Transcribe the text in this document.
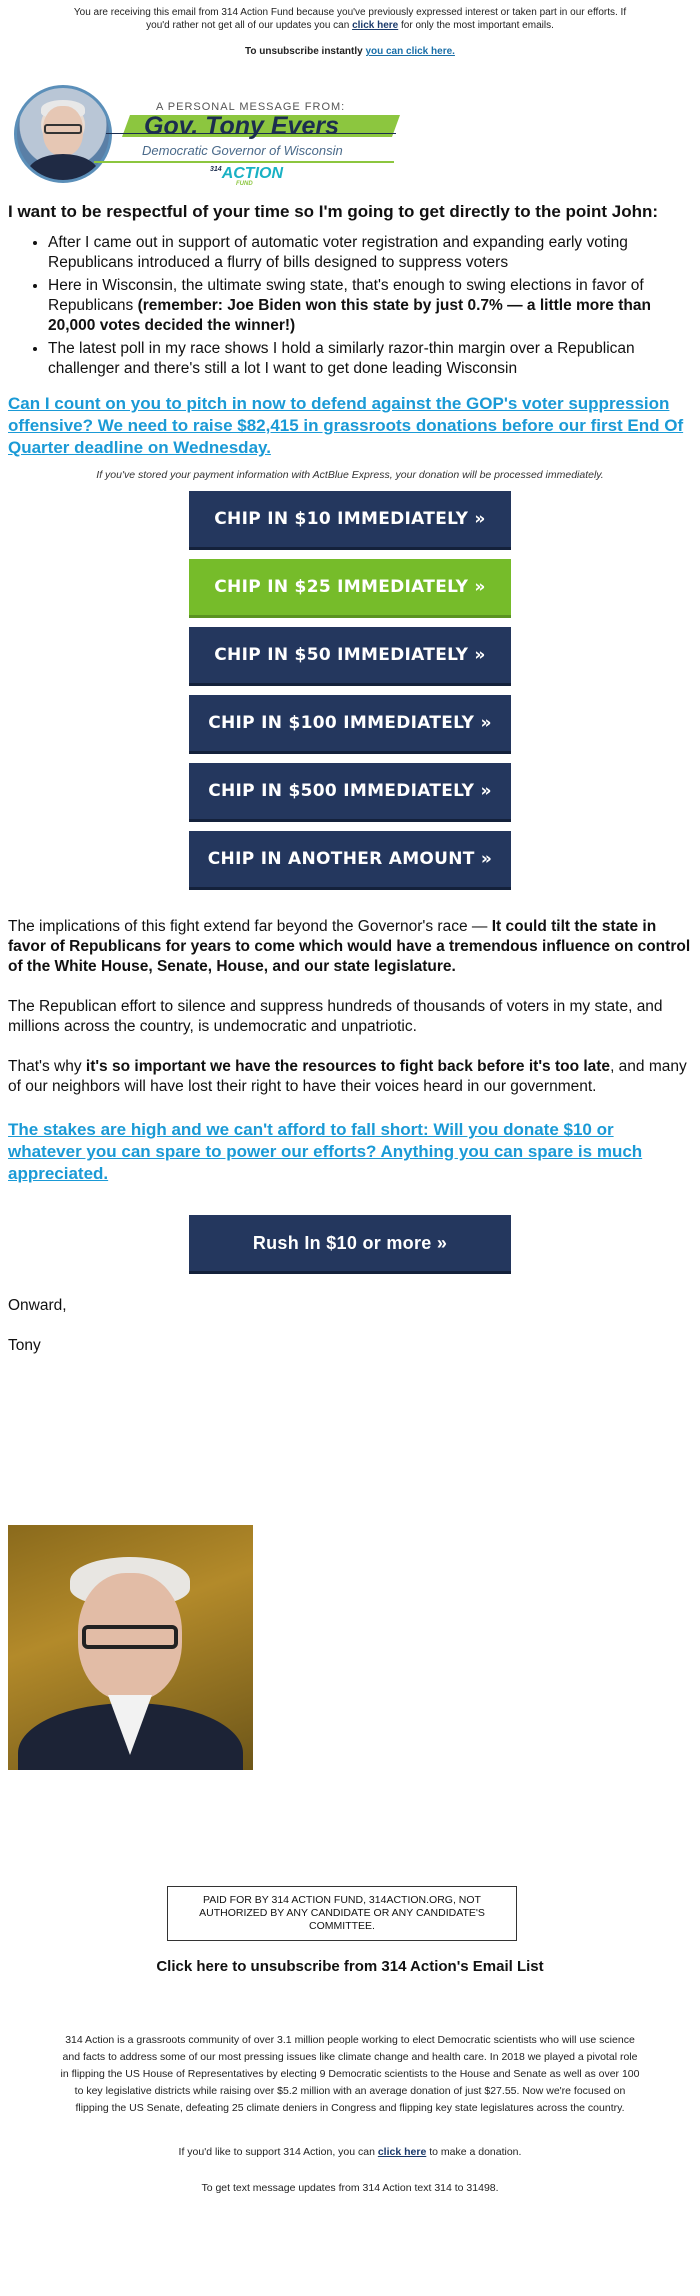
You are receiving this email from 314 Action Fund because you've previously expressed interest or taken part in our efforts. If you'd rather not get all of our updates you can click here for only the most important emails.
To unsubscribe instantly you can click here.
A PERSONAL MESSAGE FROM:
Gov. Tony Evers
Democratic Governor of Wisconsin
$^{314}$ACTION
FUND

I want to be respectful of your time so I'm going to get directly to the point John:

• After I came out in support of automatic voter registration and expanding early voting Republicans introduced a flurry of bills designed to suppress voters
• Here in Wisconsin, the ultimate swing state, that's enough to swing elections in favor of Republicans (remember: Joe Biden won this state by just 0.7% — a little more than 20,000 votes decided the winner!)
• The latest poll in my race shows I hold a similarly razor-thin margin over a Republican challenger and there's still a lot I want to get done leading Wisconsin
Can I count on you to pitch in now to defend against the GOP's voter suppression offensive? We need to raise $82,415 in grassroots donations before our first End Of Quarter deadline on Wednesday.
If you've stored your payment information with ActBlue Express, your donation will be processed immediately.
CHIP IN $10 IMMEDIATELY »
CHIP IN $25 IMMEDIATELY »
CHIP IN $50 IMMEDIATELY »
CHIP IN $100 IMMEDIATELY »
CHIP IN $500 IMMEDIATELY »
CHIP IN ANOTHER AMOUNT »

The implications of this fight extend far beyond the Governor's race — It could tilt the state in favor of Republicans for years to come which would have a tremendous influence on control of the White House, Senate, House, and our state legislature.

The Republican effort to silence and suppress hundreds of thousands of voters in my state, and millions across the country, is undemocratic and unpatriotic.

That's why it's so important we have the resources to fight back before it's too late, and many of our neighbors will have lost their right to have their voices heard in our government.

The stakes are high and we can't afford to fall short: Will you donate $10 or whatever you can spare to power our efforts? Anything you can spare is much appreciated.
Rush In $10 or more »

Onward,

Tony

PAID FOR BY 314 ACTION FUND, 314ACTION.ORG, NOT AUTHORIZED BY ANY CANDIDATE OR ANY CANDIDATE'S COMMITTEE.
Click here to unsubscribe from 314 Action's Email List
314 Action is a grassroots community of over 3.1 million people working to elect Democratic scientists who will use science and facts to address some of our most pressing issues like climate change and health care. In 2018 we played a pivotal role in flipping the US House of Representatives by electing 9 Democratic scientists to the House and Senate as well as over 100 to key legislative districts while raising over $5.2 million with an average donation of just $27.55. Now we're focused on flipping the US Senate, defeating 25 climate deniers in Congress and flipping key state legislatures across the country.
If you'd like to support 314 Action, you can click here to make a donation.
To get text message updates from 314 Action text 314 to 31498.
